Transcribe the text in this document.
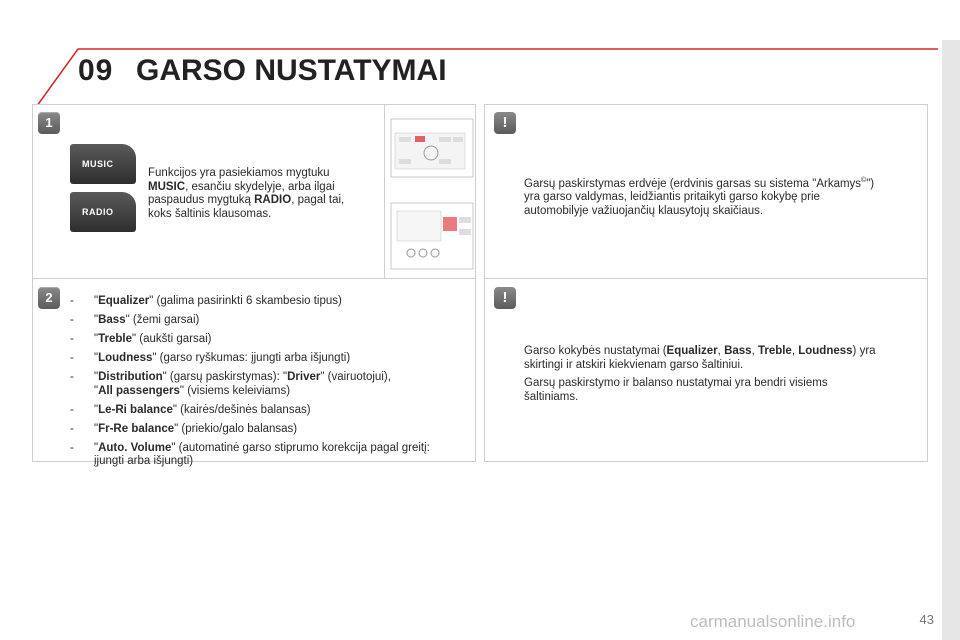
09 GARSO NUSTATYMAI
1
MUSIC
RADIO
Funkcijos yra pasiekiamos mygtuku
MUSIC, esančiu skydelyje, arba ilgai
paspaudus mygtuką RADIO, pagal tai,
koks šaltinis klausomas.
!
Garsų paskirstymas erdvėje (erdvinis garsas su sistema "Arkamys©")
yra garso valdymas, leidžiantis pritaikyti garso kokybę prie
automobilyje važiuojančių klausytojų skaičiaus.
2	- "Equalizer" (galima pasirinkti 6 skambesio tipus)
- "Bass" (žemi garsai)
- "Treble" (aukšti garsai)
- "Loudness" (garso ryškumas: įjungti arba išjungti)
- "Distribution" (garsų paskirstymas): "Driver" (vairuotojui),
"All passengers" (visiems keleiviams)
- "Le-Ri balance" (kairės/dešinės balansas)
- "Fr-Re balance" (priekio/galo balansas)
- "Auto. Volume" (automatinė garso stiprumo korekcija pagal greitį:
įjungti arba išjungti)
!
Garso kokybės nustatymai (Equalizer, Bass, Treble, Loudness) yra
skirtingi ir atskiri kiekvienam garso šaltiniui.
Garsų paskirstymo ir balanso nustatymai yra bendri visiems
šaltiniams.
carmanualsonline.info	43
